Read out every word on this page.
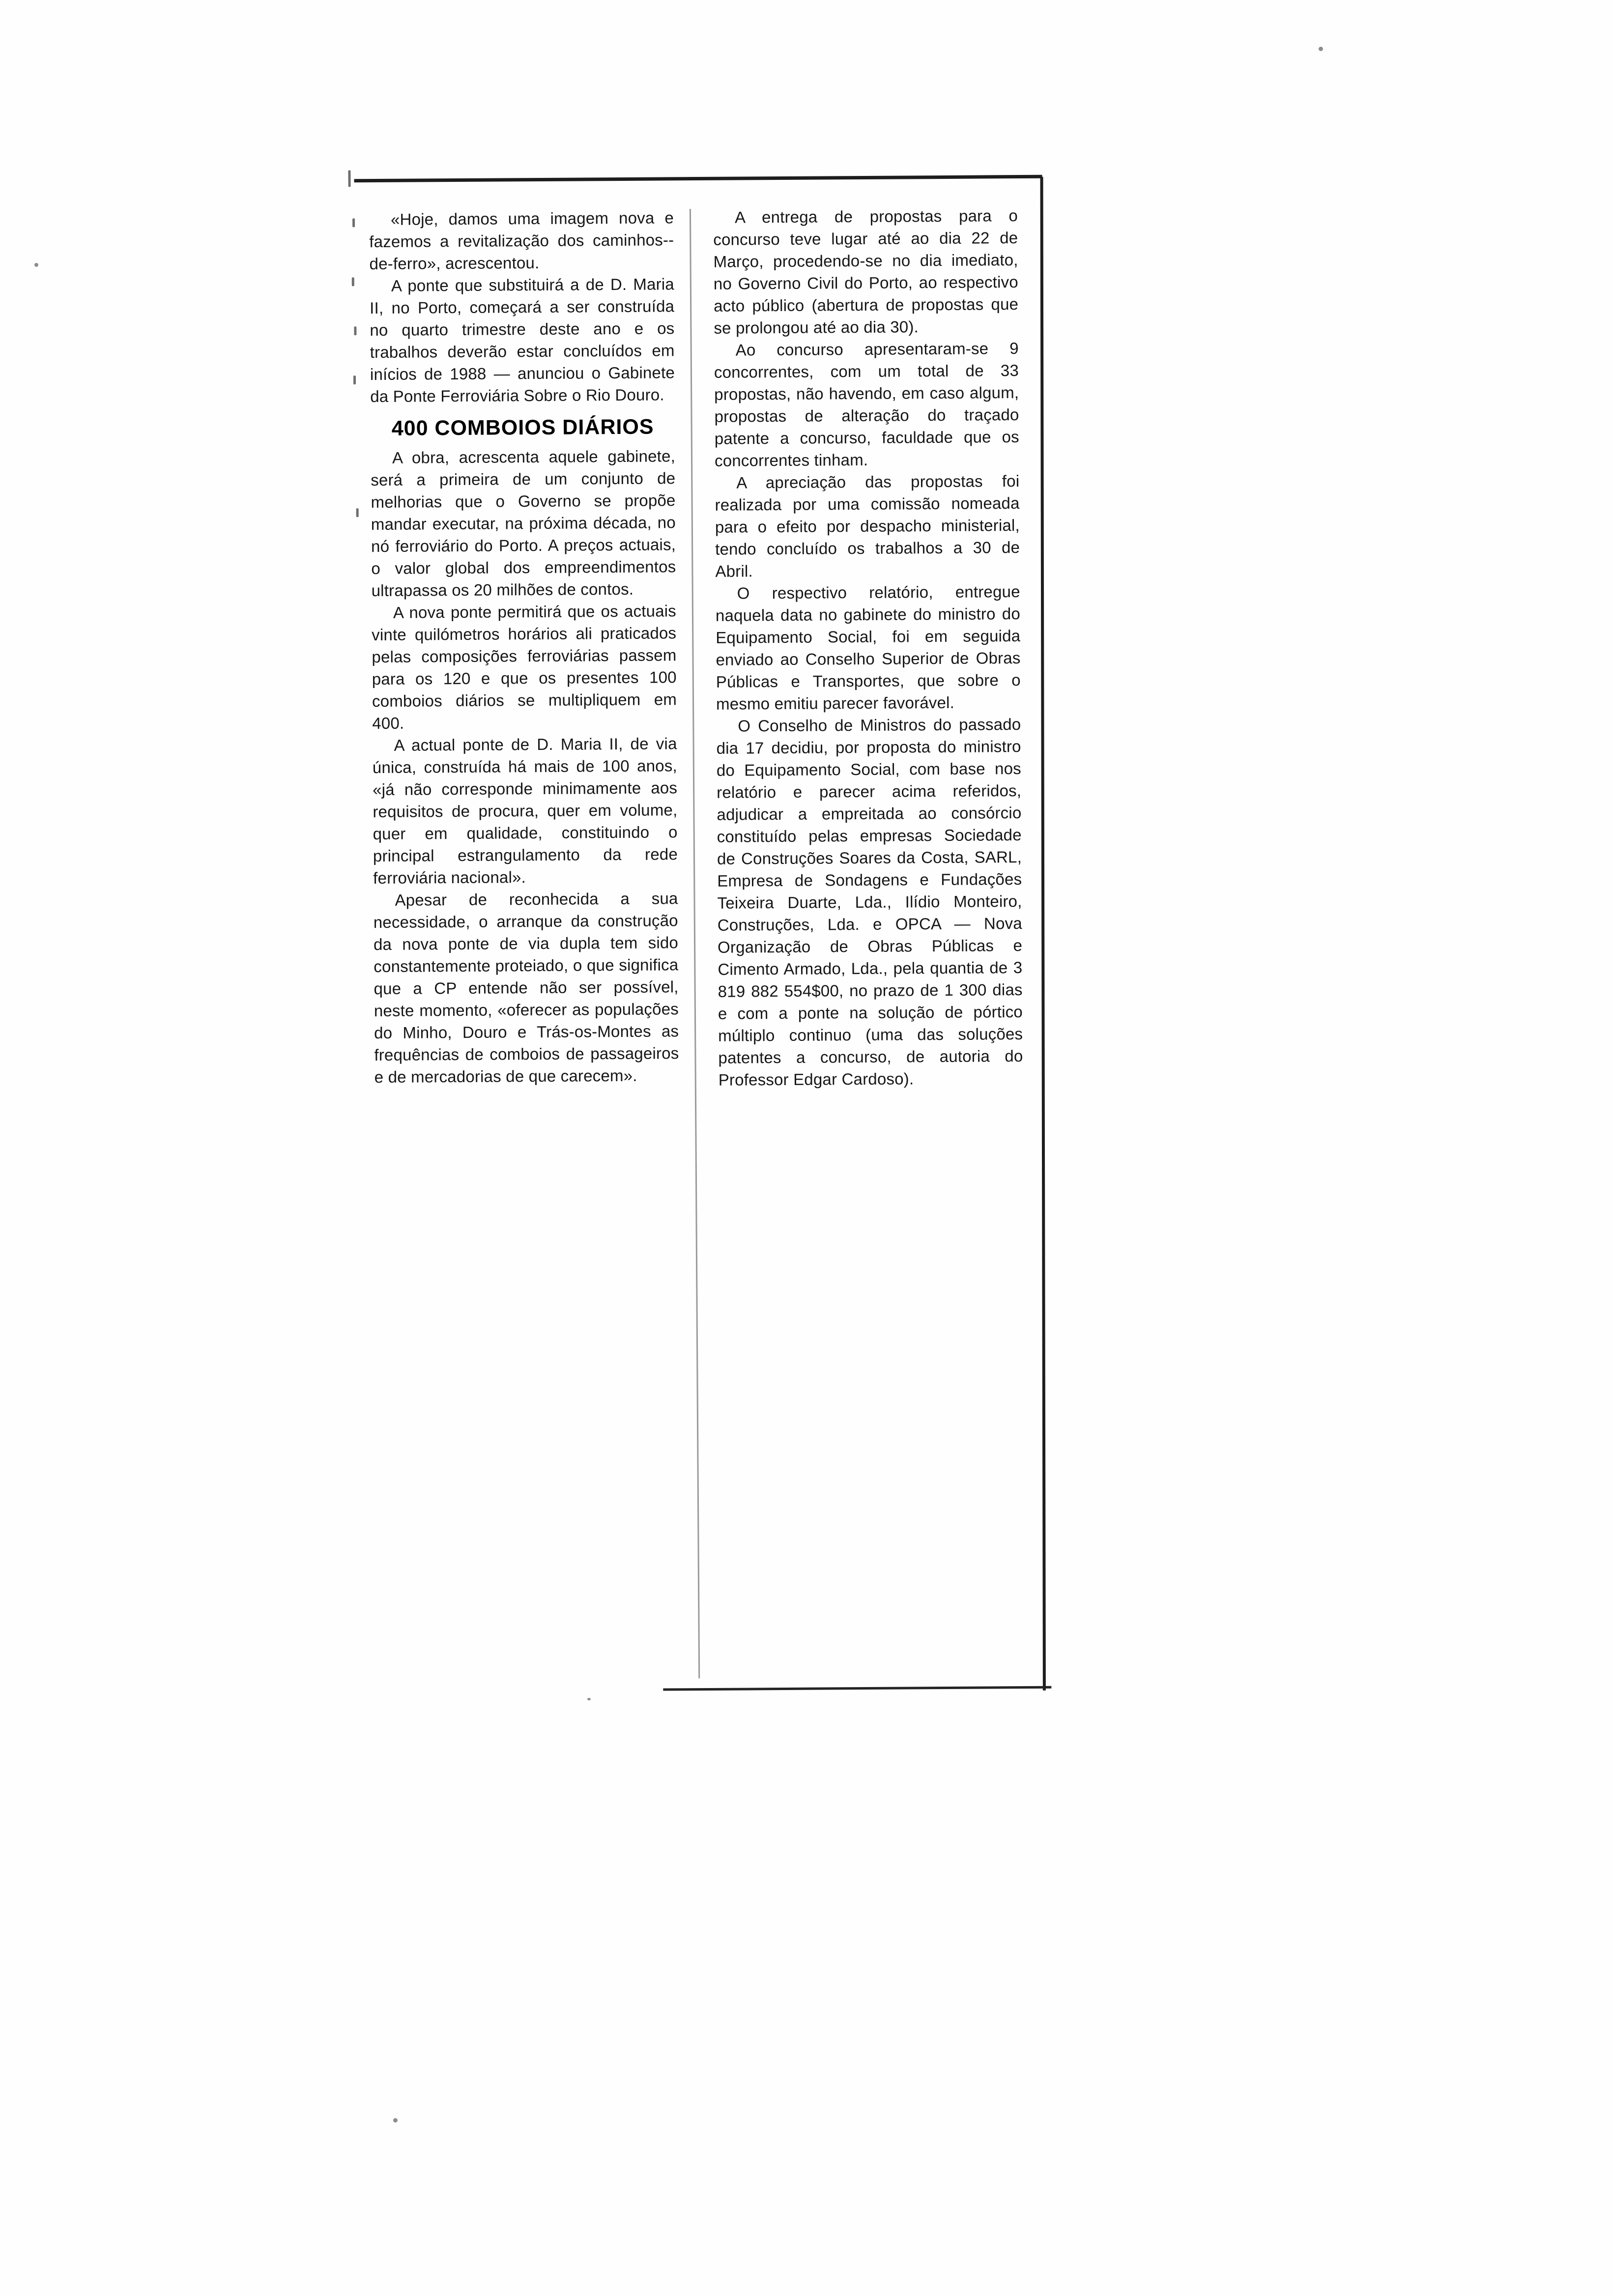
«Hoje, damos uma imagem nova e fazemos a revitalização dos caminhos--de-ferro», acrescentou.

A ponte que substituirá a de D. Maria II, no Porto, começará a ser construída no quarto trimestre deste ano e os trabalhos deverão estar concluídos em inícios de 1988 — anunciou o Gabinete da Ponte Ferroviária Sobre o Rio Douro.

400 COMBOIOS DIÁRIOS

A obra, acrescenta aquele gabinete, será a primeira de um conjunto de melhorias que o Governo se propõe mandar executar, na próxima década, no nó ferroviário do Porto. A preços actuais, o valor global dos empreendimentos ultrapassa os 20 milhões de contos.

A nova ponte permitirá que os actuais vinte quilómetros horários ali praticados pelas composições ferroviárias passem para os 120 e que os presentes 100 comboios diários se multipliquem em 400.

A actual ponte de D. Maria II, de via única, construída há mais de 100 anos, «já não corresponde minimamente aos requisitos de procura, quer em volume, quer em qualidade, constituindo o principal estrangulamento da rede ferroviária nacional».

Apesar de reconhecida a sua necessidade, o arranque da construção da nova ponte de via dupla tem sido constantemente proteiado, o que significa que a CP entende não ser possível, neste momento, «oferecer as populações do Minho, Douro e Trás-os-Montes as frequências de comboios de passageiros e de mercadorias de que carecem».

A entrega de propostas para o concurso teve lugar até ao dia 22 de Março, procedendo-se no dia imediato, no Governo Civil do Porto, ao respectivo acto público (abertura de propostas que se prolongou até ao dia 30).

Ao concurso apresentaram-se 9 concorrentes, com um total de 33 propostas, não havendo, em caso algum, propostas de alteração do traçado patente a concurso, faculdade que os concorrentes tinham.

A apreciação das propostas foi realizada por uma comissão nomeada para o efeito por despacho ministerial, tendo concluído os trabalhos a 30 de Abril.

O respectivo relatório, entregue naquela data no gabinete do ministro do Equipamento Social, foi em seguida enviado ao Conselho Superior de Obras Públicas e Transportes, que sobre o mesmo emitiu parecer favorável.

O Conselho de Ministros do passado dia 17 decidiu, por proposta do ministro do Equipamento Social, com base nos relatório e parecer acima referidos, adjudicar a empreitada ao consórcio constituído pelas empresas Sociedade de Construções Soares da Costa, SARL, Empresa de Sondagens e Fundações Teixeira Duarte, Lda., Ilídio Monteiro, Construções, Lda. e OPCA — Nova Organização de Obras Públicas e Cimento Armado, Lda., pela quantia de 3 819 882 554$00, no prazo de 1 300 dias e com a ponte na solução de pórtico múltiplo continuo (uma das soluções patentes a concurso, de autoria do Professor Edgar Cardoso).
